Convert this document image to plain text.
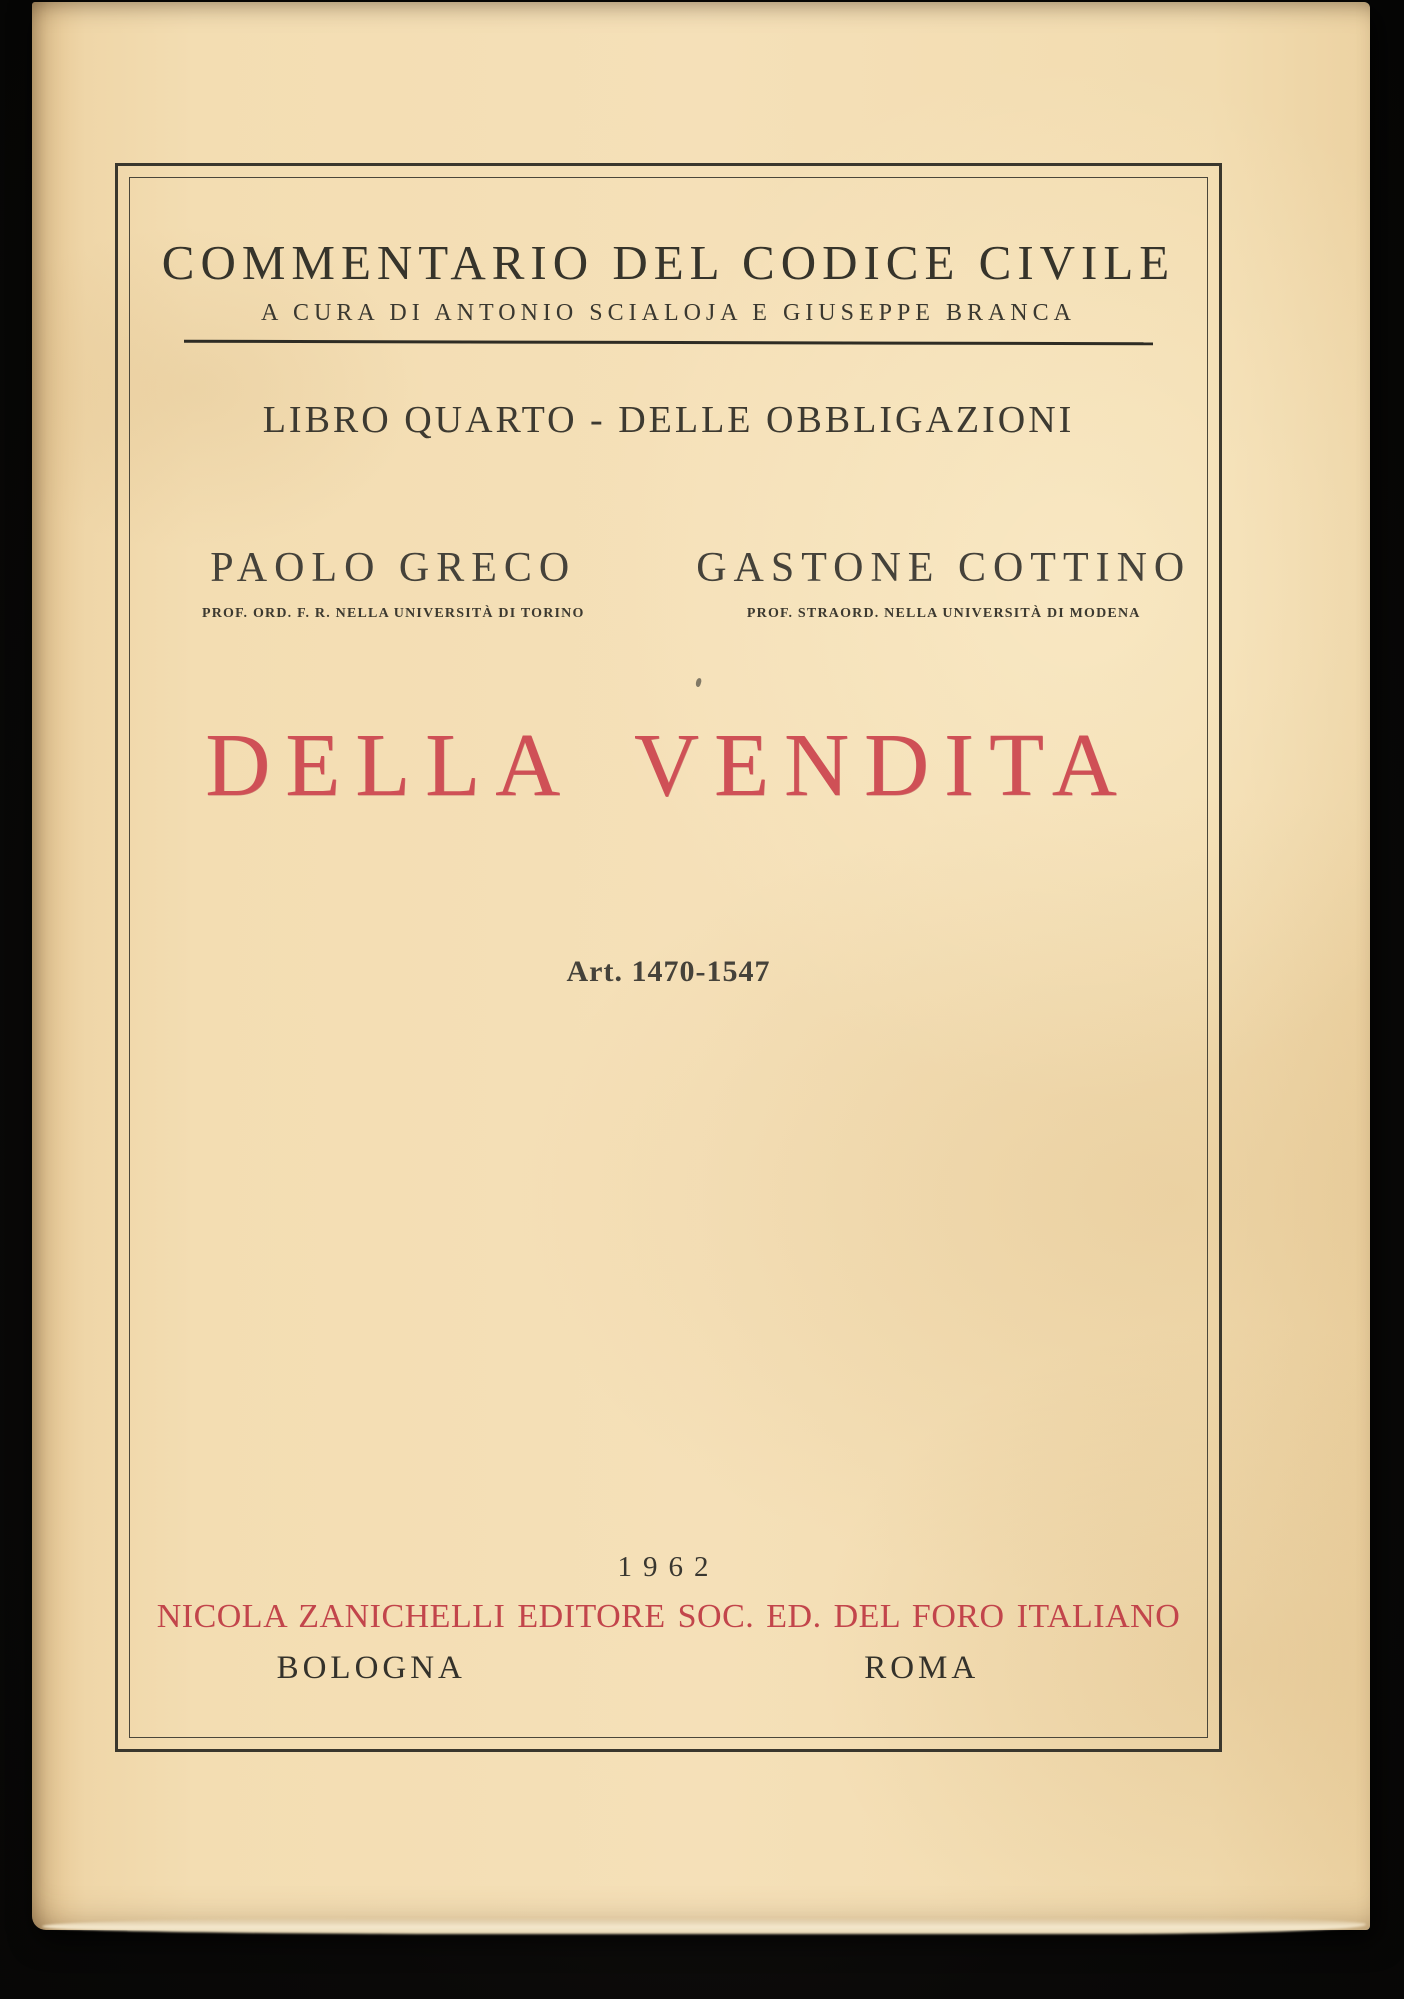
COMMENTARIO DEL CODICE CIVILE
A CURA DI ANTONIO SCIALOJA E GIUSEPPE BRANCA
LIBRO QUARTO - DELLE OBBLIGAZIONI
PAOLO GRECO
PROF. ORD. F. R. NELLA UNIVERSITÀ DI TORINO
GASTONE COTTINO
PROF. STRAORD. NELLA UNIVERSITÀ DI MODENA
DELLA VENDITA
Art. 1470-1547
1962
NICOLA ZANICHELLI EDITORE SOC. ED. DEL FORO ITALIANO
BOLOGNA	ROMA
